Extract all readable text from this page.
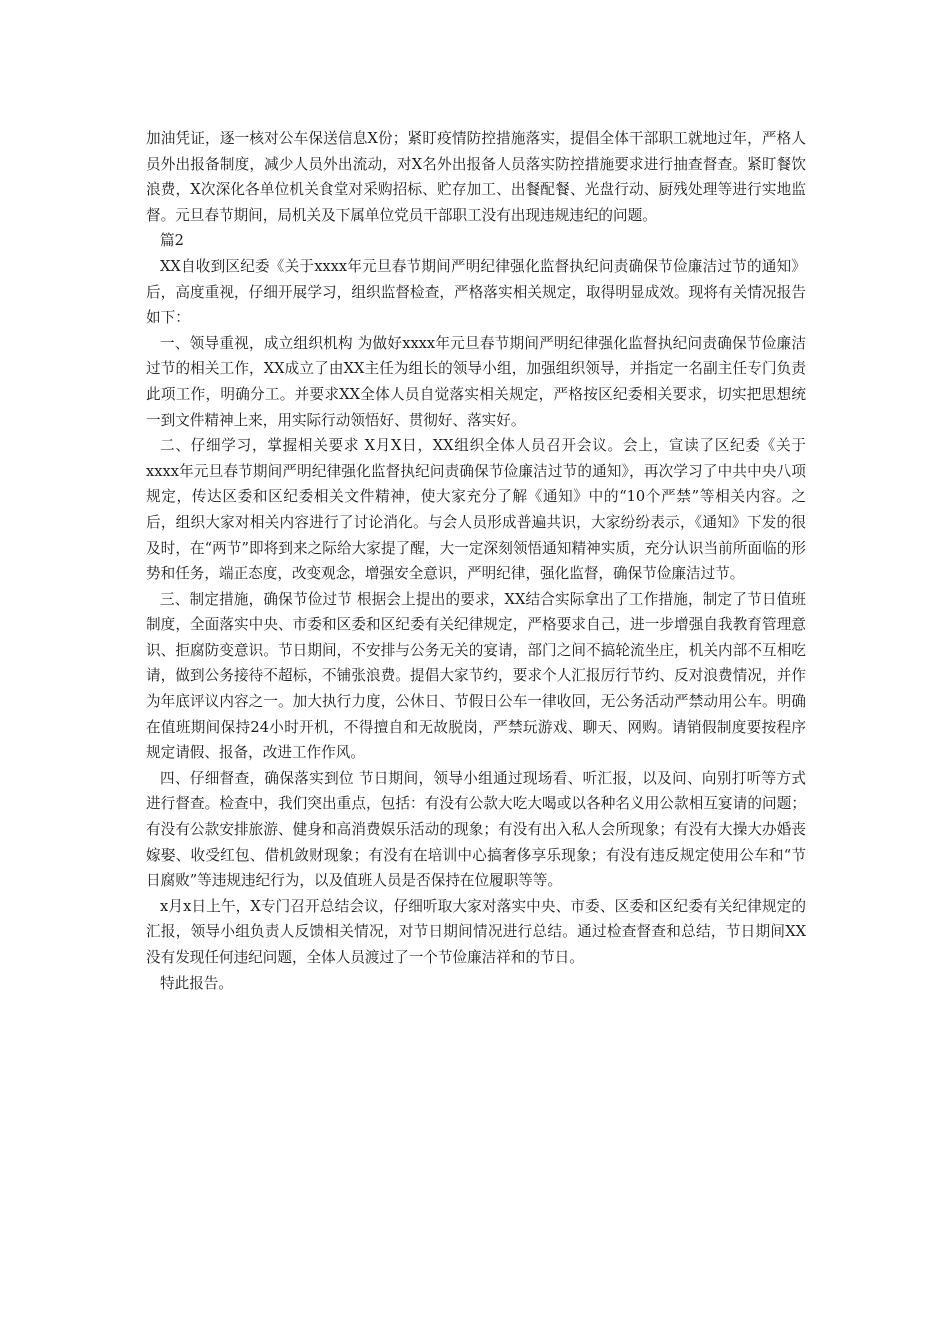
加油凭证，逐一核对公车保送信息X份；紧盯疫情防控措施落实，提倡全体干部职工就地过年，严格人员外出报备制度，减少人员外出流动，对X名外出报备人员落实防控措施要求进行抽查督查。紧盯餐饮浪费，X次深化各单位机关食堂对采购招标、贮存加工、出餐配餐、光盘行动、厨残处理等进行实地监督。元旦春节期间，局机关及下属单位党员干部职工没有出现违规违纪的问题。

篇2

XX自收到区纪委《关于xxxx年元旦春节期间严明纪律强化监督执纪问责确保节俭廉洁过节的通知》后，高度重视，仔细开展学习，组织监督检查，严格落实相关规定，取得明显成效。现将有关情况报告如下：

一、领导重视，成立组织机构 为做好xxxx年元旦春节期间严明纪律强化监督执纪问责确保节俭廉洁过节的相关工作，XX成立了由XX主任为组长的领导小组，加强组织领导，并指定一名副主任专门负责此项工作，明确分工。并要求XX全体人员自觉落实相关规定，严格按区纪委相关要求，切实把思想统一到文件精神上来，用实际行动领悟好、贯彻好、落实好。

二、仔细学习，掌握相关要求 X月X日，XX组织全体人员召开会议。会上，宣读了区纪委《关于xxxx年元旦春节期间严明纪律强化监督执纪问责确保节俭廉洁过节的通知》，再次学习了中共中央八项规定，传达区委和区纪委相关文件精神，使大家充分了解《通知》中的“10个严禁”等相关内容。之后，组织大家对相关内容进行了讨论消化。与会人员形成普遍共识，大家纷纷表示，《通知》下发的很及时，在“两节”即将到来之际给大家提了醒，大一定深刻领悟通知精神实质，充分认识当前所面临的形势和任务，端正态度，改变观念，增强安全意识，严明纪律，强化监督，确保节俭廉洁过节。

三、制定措施，确保节俭过节 根据会上提出的要求，XX结合实际拿出了工作措施，制定了节日值班制度，全面落实中央、市委和区委和区纪委有关纪律规定，严格要求自己，进一步增强自我教育管理意识、拒腐防变意识。节日期间，不安排与公务无关的宴请，部门之间不搞轮流坐庄，机关内部不互相吃请，做到公务接待不超标，不铺张浪费。提倡大家节约，要求个人汇报厉行节约、反对浪费情况，并作为年底评议内容之一。加大执行力度，公休日、节假日公车一律收回，无公务活动严禁动用公车。明确在值班期间保持24小时开机，不得擅自和无故脱岗，严禁玩游戏、聊天、网购。请销假制度要按程序规定请假、报备，改进工作作风。

四、仔细督查，确保落实到位 节日期间，领导小组通过现场看、听汇报，以及问、向别打听等方式进行督查。检查中，我们突出重点，包括：有没有公款大吃大喝或以各种名义用公款相互宴请的问题；有没有公款安排旅游、健身和高消费娱乐活动的现象；有没有出入私人会所现象；有没有大操大办婚丧嫁娶、收受红包、借机敛财现象；有没有在培训中心搞奢侈享乐现象；有没有违反规定使用公车和“节日腐败”等违规违纪行为，以及值班人员是否保持在位履职等等。

x月x日上午，X专门召开总结会议，仔细听取大家对落实中央、市委、区委和区纪委有关纪律规定的汇报，领导小组负责人反馈相关情况，对节日期间情况进行总结。通过检查督查和总结，节日期间XX没有发现任何违纪问题，全体人员渡过了一个节俭廉洁祥和的节日。

特此报告。
